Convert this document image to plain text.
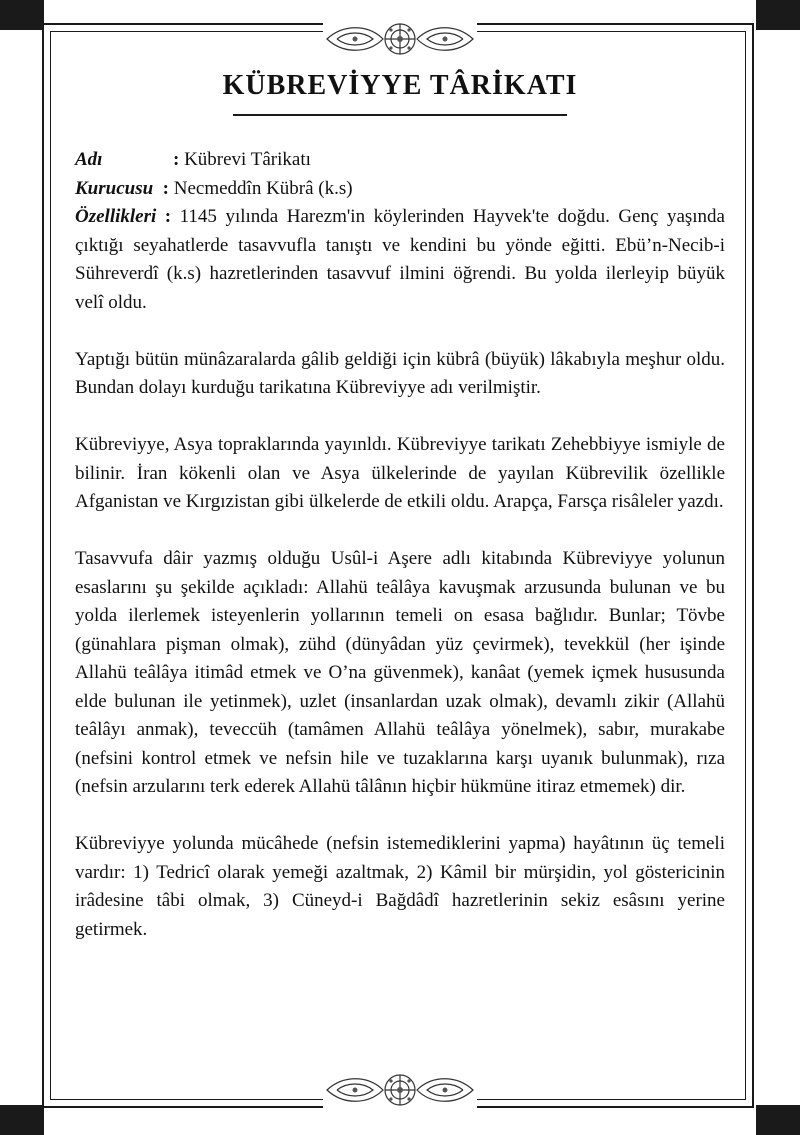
KÜBREVİYYE TÂRİKATI
Adı	: Kübrevi Târikatı
Kurucusu : Necmeddîn Kübrâ (k.s)

Özellikleri : 1145 yılında Harezm'in köylerinden Hayvek'te doğdu. Genç yaşında çıktığı seyahatlerde tasavvufla tanıştı ve kendini bu yönde eğitti. Ebü’n-Necib-i Sühreverdî (k.s) hazretlerinden tasavvuf ilmini öğrendi. Bu yolda ilerleyip büyük velî oldu.

Yaptığı bütün münâzaralarda gâlib geldiği için kübrâ (büyük) lâkabıyla meşhur oldu. Bundan dolayı kurduğu tarikatına Kübreviyye adı verilmiştir.

Kübreviyye, Asya topraklarında yayınldı. Kübreviyye tarikatı Zehebbiyye ismiyle de bilinir. İran kökenli olan ve Asya ülkelerinde de yayılan Kübrevilik özellikle Afganistan ve Kırgızistan gibi ülkelerde de etkili oldu. Arapça, Farsça risâleler yazdı.

Tasavvufa dâir yazmış olduğu Usûl-i Aşere adlı kitabında Kübreviyye yolunun esaslarını şu şekilde açıkladı: Allahü teâlâya kavuşmak arzusunda bulunan ve bu yolda ilerlemek isteyenlerin yollarının temeli on esasa bağlıdır. Bunlar; Tövbe (günahlara pişman olmak), zühd (dünyâdan yüz çevirmek), tevekkül (her işinde Allahü teâlâya itimâd etmek ve O’na güvenmek), kanâat (yemek içmek hususunda elde bulunan ile yetinmek), uzlet (insanlardan uzak olmak), devamlı zikir (Allahü teâlâyı anmak), teveccüh (tamâmen Allahü teâlâya yönelmek), sabır, murakabe (nefsini kontrol etmek ve nefsin hile ve tuzaklarına karşı uyanık bulunmak), rıza (nefsin arzularını terk ederek Allahü tâlânın hiçbir hükmüne itiraz etmemek) dir.

Kübreviyye yolunda mücâhede (nefsin istemediklerini yapma) hayâtının üç temeli vardır: 1) Tedricî olarak yemeği azaltmak, 2) Kâmil bir mürşidin, yol göstericinin irâdesine tâbi olmak, 3) Cüneyd-i Bağdâdî hazretlerinin sekiz esâsını yerine getirmek.
